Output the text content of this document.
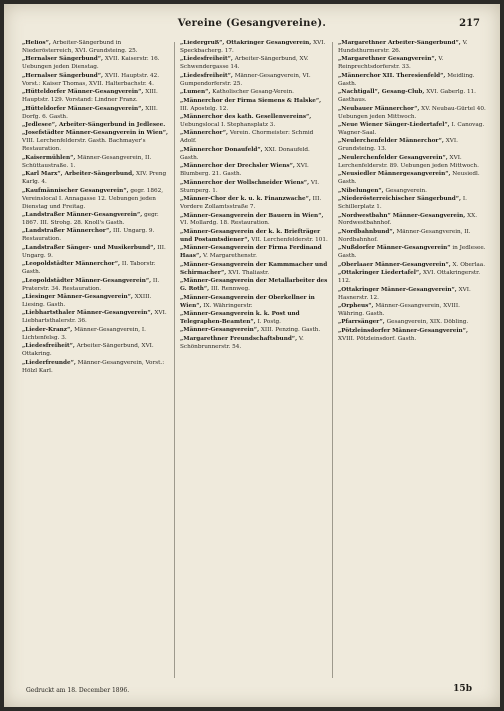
Vereine (Gesangvereine).	217
„Helios“, Arbeiter-Sängerbund in Niederösterreich, XVI. Grundsteing. 25.
„Hernalser Sängerbund“, XVII. Kaiserstr. 16. Uebungen jeden Dienstag.
„Hernalser Sängerbund“, XVII. Hauptstr. 42. Vorst.: Kaiser Thomas, XVII. Halterbachstr. 4.
„Hütteldorfer Männer-Gesangverein“, XIII. Hauptstr. 129. Vorstand: Lindner Franz.
„Hütteldorfer Männer-Gesangverein“, XIII. Dorfg. 6. Gasth.
„Jedlesee“, Arbeiter-Sängerbund in Jedlesee.
„Josefstädter Männer-Gesangverein in Wien“, VIII. Lerchenfelderstr. Gasth. Bachmayer's Restauration.
„Kaisermühlen“, Männer-Gesangverein, II. Schüttaustraße. 1.
„Karl Marx“, Arbeiter-Sängerbund, XIV. Preng Karlg. 4.
„Kaufmännischer Gesangverein“, gegr. 1862, Vereinslocal I. Annagasse 12. Uebungen jeden Dienstag und Freitag.
„Landstraßer Männer-Gesangverein“, gegr. 1867. III. Strohg. 28. Knoll's Gasth.
„Landstraßer Männerchor“, III. Ungarg. 9. Restauration.
„Landstraßer Sänger- und Musikerbund“, III. Ungarg. 9.
„Leopoldstädter Männerchor“, II. Taborstr. Gasth.
„Leopoldstädter Männer-Gesangverein“, II. Praterstr. 34. Restauration.
„Liesinger Männer-Gesangverein“, XXIII. Liesing. Gasth.
„Liebhartsthaler Männer-Gesangverein“, XVI. Liebhartsthalerstr. 36.
„Lieder-Kranz“, Männer-Gesangverein, I. Lichtenfelsg. 3.
„Liedesfreiheit“, Arbeiter-Sängerbund, XVI. Ottakring.
„Liederfreunde“, Männer-Gesangverein, Vorst.: Hölzl Karl.
„Liedergruß“, Ottakringer Gesangverein, XVI. Speckbacherg. 17.
„Liedesfreiheit“, Arbeiter-Sängerbund, XV. Schwendergasse 14.
„Liedesfreiheit“, Männer-Gesangverein, VI. Gumpendorferstr. 25.
„Lumen“, Katholischer Gesang-Verein.
„Männerchor der Firma Siemens & Halske“, III. Apostelg. 12.
„Männerchor des kath. Gesellenvereins“, Uebungslocal I. Stephansplatz 3.
„Männerchor“, Verein. Chormeister: Schmid Adolf.
„Männerchor Donaufeld“, XXI. Donaufeld. Gasth.
„Männerchor der Drechsler Wiens“, XVI. Blumberg. 21. Gasth.
„Männerchor der Wollschneider Wiens“, VI. Stumperg. 1.
„Männer-Chor der k. u. k. Finanzwache“, III. Vordere Zollamtsstraße 7.
„Männer-Gesangverein der Bauern in Wien“, VI. Mollardg. 18. Restauration.
„Männer-Gesangverein der k. k. Briefträger und Postamtsdiener“, VII. Lerchenfelderstr. 101.
„Männer-Gesangverein der Firma Ferdinand Haas“, V. Margarethenstr.
„Männer-Gesangverein der Kammmacher und Schirmacher“, XVI. Thaliastr.
„Männer-Gesangverein der Metallarbeiter des G. Roth“, III. Rennweg.
„Männer-Gesangverein der Oberkellner in Wien“, IX. Währingerstr.
„Männer-Gesangverein k. k. Post und Telegraphen-Beamten“, I. Postg.
„Männer-Gesangverein“, XIII. Penzing. Gasth.
„Margarethner Freundschaftsbund“, V. Schönbrunnerstr. 54.
„Margarethner Arbeiter-Sängerbund“, V. Hundsthurmerstr. 26.
„Margarethner Gesangverein“, V. Reinprechtsdorferstr. 33.
„Männerchor XII. Theresienfeld“, Meidling. Gasth.
„Nachtigall“, Gesang-Club, XVI. Gaberlg. 11. Gasthaus.
„Neubauer Männerchor“, XV. Neubau-Gürtel 40. Uebungen jeden Mittwoch.
„Neue Wiener Sänger-Liedertafel“, I. Canovag. Wagner-Saal.
„Neulerchenfelder Männerchor“, XVI. Grundsteing. 13.
„Neulerchenfelder Gesangverein“, XVI. Lerchenfelderstr. 89. Uebungen jeden Mittwoch.
„Neusiedler Männergesangverein“, Neusiedl. Gasth.
„Nibelungen“, Gesangverein.
„Niederösterreichischer Sängerbund“, I. Schillerplatz 1.
„Nordwestbahn“ Männer-Gesangverein, XX. Nordwestbahnhof.
„Nordbahnbund“, Männer-Gesangverein, II. Nordbahnhof.
„Nußdorfer Männer-Gesangverein“ in Jedlesee. Gasth.
„Oberlaaer Männer-Gesangverein“, X. Oberlaa.
„Ottakringer Liedertafel“, XVI. Ottakringerstr. 112.
„Ottakringer Männer-Gesangverein“, XVI. Hasnerstr. 12.
„Orpheus“, Männer-Gesangverein, XVIII. Währing. Gasth.
„Pfarrsänger“, Gesangverein, XIX. Döbling.
„Pötzleinsdorfer Männer-Gesangverein“, XVIII. Pötzleinsdorf. Gasth.
Gedruckt am 18. December 1896.	15b
